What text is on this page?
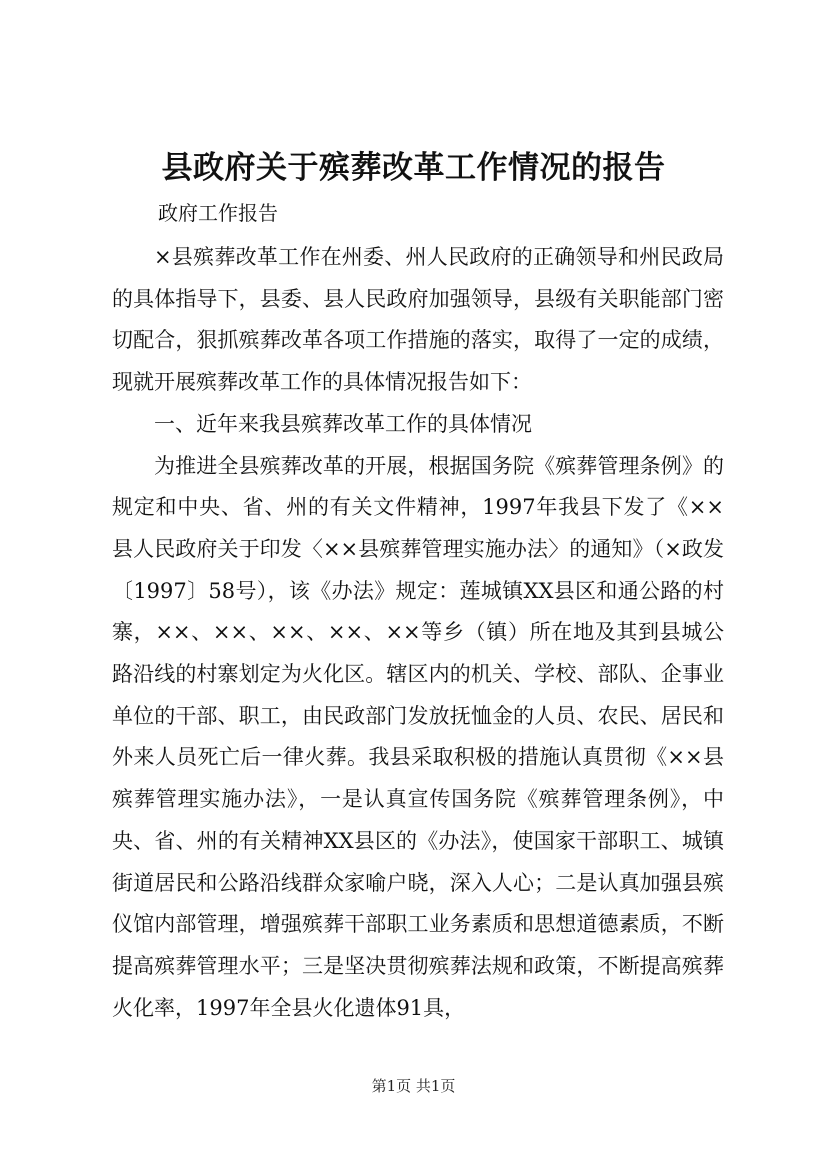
县政府关于殡葬改革工作情况的报告
政府工作报告

×县殡葬改革工作在州委、州人民政府的正确领导和州民政局的具体指导下，县委、县人民政府加强领导，县级有关职能部门密切配合，狠抓殡葬改革各项工作措施的落实，取得了一定的成绩，现就开展殡葬改革工作的具体情况报告如下：

一、近年来我县殡葬改革工作的具体情况

为推进全县殡葬改革的开展，根据国务院《殡葬管理条例》的规定和中央、省、州的有关文件精神，1997年我县下发了《××县人民政府关于印发〈××县殡葬管理实施办法〉的通知》（×政发〔1997〕58号），该《办法》规定：莲城镇XX县区和通公路的村寨，××、××、××、××、××等乡（镇）所在地及其到县城公路沿线的村寨划定为火化区。辖区内的机关、学校、部队、企事业单位的干部、职工，由民政部门发放抚恤金的人员、农民、居民和外来人员死亡后一律火葬。我县采取积极的措施认真贯彻《××县殡葬管理实施办法》，一是认真宣传国务院《殡葬管理条例》，中央、省、州的有关精神XX县区的《办法》，使国家干部职工、城镇街道居民和公路沿线群众家喻户晓，深入人心；二是认真加强县殡仪馆内部管理，增强殡葬干部职工业务素质和思想道德素质，不断提高殡葬管理水平；三是坚决贯彻殡葬法规和政策，不断提高殡葬火化率，1997年全县火化遗体91具，

第1页 共1页
